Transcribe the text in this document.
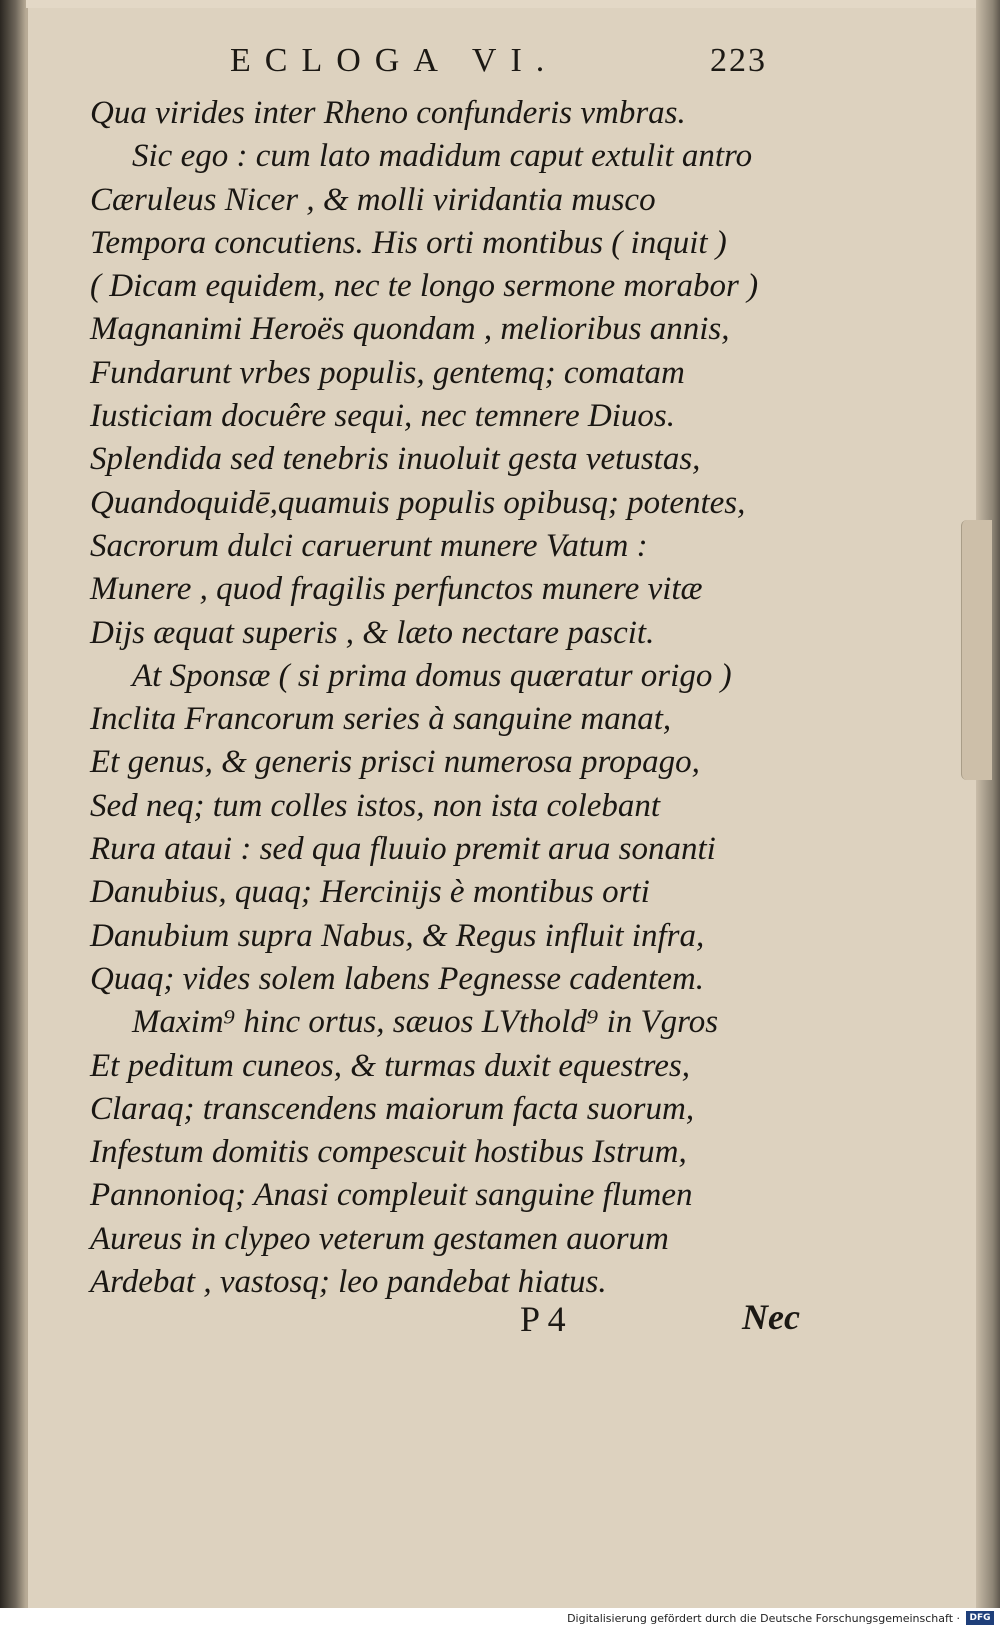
ECLOGA VI.	223
Qua virides inter Rheno confunderis vmbras.
Sic ego : cum lato madidum caput extulit antro
Cæruleus Nicer , & molli viridantia musco
Tempora concutiens. His orti montibus ( inquit )
( Dicam equidem, nec te longo sermone morabor )
Magnanimi Heroës quondam , melioribus annis,
Fundarunt vrbes populis, gentemq; comatam
Iusticiam docuêre sequi, nec temnere Diuos.
Splendida sed tenebris inuoluit gesta vetustas,
Quandoquidē,quamuis populis opibusq; potentes,
Sacrorum dulci caruerunt munere Vatum :
Munere , quod fragilis perfunctos munere vitæ
Dijs æquat superis , & læto nectare pascit.
At Sponsæ ( si prima domus quæratur origo )
Inclita Francorum series à sanguine manat,
Et genus, & generis prisci numerosa propago,
Sed neq; tum colles istos, non ista colebant
Rura ataui : sed qua fluuio premit arua sonanti
Danubius, quaq; Hercinijs è montibus orti
Danubium supra Nabus, & Regus influit infra,
Quaq; vides solem labens Pegnesse cadentem.
Maxim⁹ hinc ortus, sæuos LVthold⁹ in Vgros
Et peditum cuneos, & turmas duxit equestres,
Claraq; transcendens maiorum facta suorum,
Infestum domitis compescuit hostibus Istrum,
Pannonioq; Anasi compleuit sanguine flumen
Aureus in clypeo veterum gestamen auorum
Ardebat , vastosq; leo pandebat hiatus.
P 4	Nec
Digitalisierung gefördert durch die Deutsche Forschungsgemeinschaft ·	DFG
